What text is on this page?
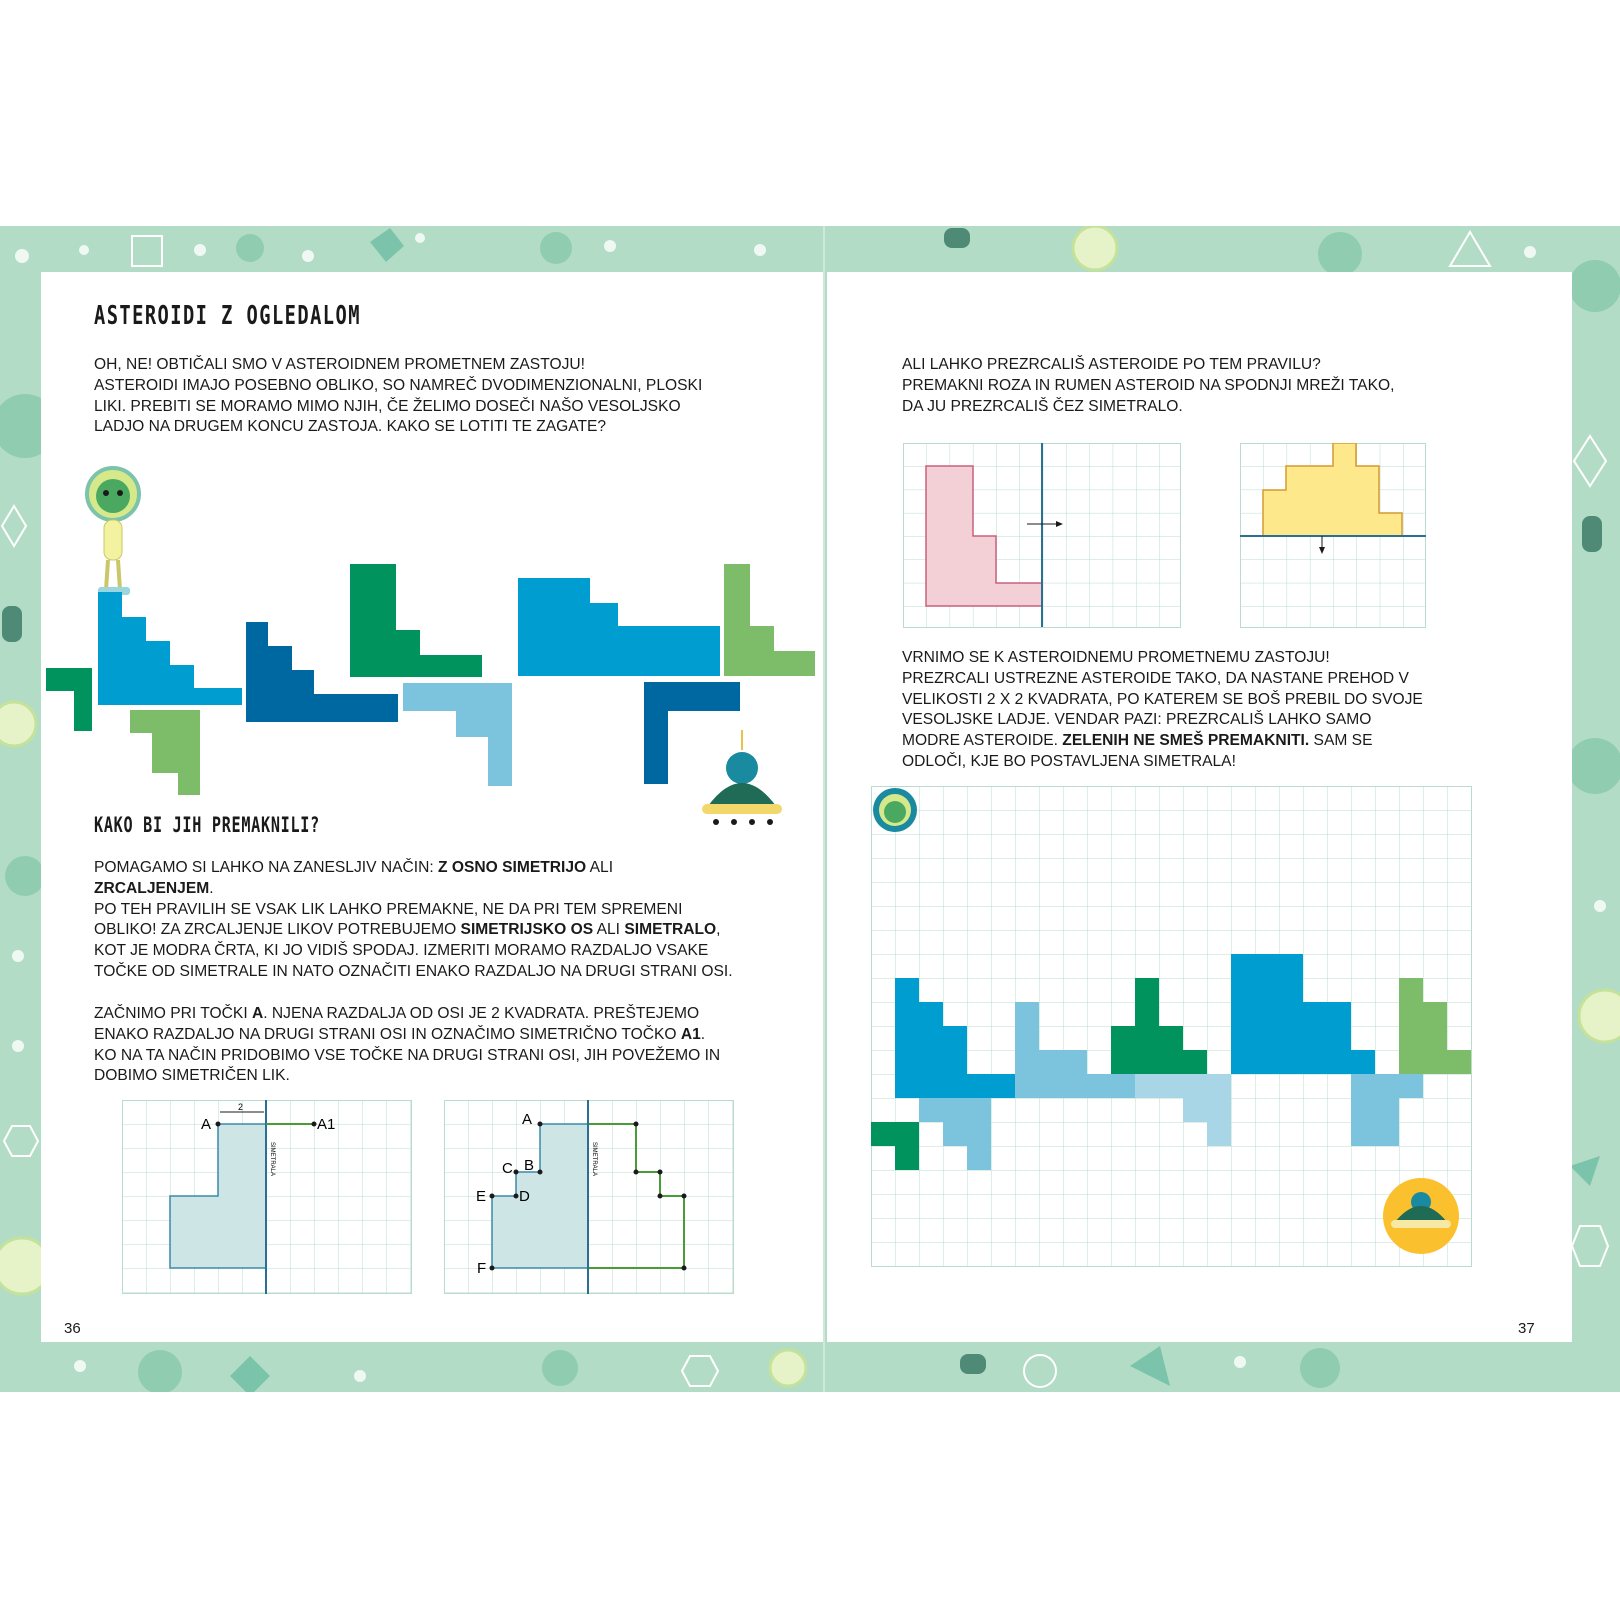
ASTEROIDI Z OGLEDALOM
OH, NE! OBTIČALI SMO V ASTEROIDNEM PROMETNEM ZASTOJU!
ASTEROIDI IMAJO POSEBNO OBLIKO, SO NAMREČ DVODIMENZIONALNI, PLOSKI
LIKI. PREBITI SE MORAMO MIMO NJIH, ČE ŽELIMO DOSEČI NAŠO VESOLJSKO
LADJO NA DRUGEM KONCU ZASTOJA. KAKO SE LOTITI TE ZAGATE?
KAKO BI JIH PREMAKNILI?
POMAGAMO SI LAHKO NA ZANESLJIV NAČIN: Z OSNO SIMETRIJO ALI
ZRCALJENJEM.
PO TEH PRAVILIH SE VSAK LIK LAHKO PREMAKNE, NE DA PRI TEM SPREMENI
OBLIKO! ZA ZRCALJENJE LIKOV POTREBUJEMO SIMETRIJSKO OS ALI SIMETRALO,
KOT JE MODRA ČRTA, KI JO VIDIŠ SPODAJ. IZMERITI MORAMO RAZDALJO VSAKE
TOČKE OD SIMETRALE IN NATO OZNAČITI ENAKO RAZDALJO NA DRUGI STRANI OSI.
ZAČNIMO PRI TOČKI A. NJENA RAZDALJA OD OSI JE 2 KVADRATA. PREŠTEJEMO
ENAKO RAZDALJO NA DRUGI STRANI OSI IN OZNAČIMO SIMETRIČNO TOČKO A1.
KO NA TA NAČIN PRIDOBIMO VSE TOČKE NA DRUGI STRANI OSI, JIH POVEŽEMO IN
DOBIMO SIMETRIČEN LIK.
2
A	A1
SIMETRALA
A
B
C
D
E
F
SIMETRALA
36
ALI LAHKO PREZRCALIŠ ASTEROIDE PO TEM PRAVILU?
PREMAKNI ROZA IN RUMEN ASTEROID NA SPODNJI MREŽI TAKO,
DA JU PREZRCALIŠ ČEZ SIMETRALO.
VRNIMO SE K ASTEROIDNEMU PROMETNEMU ZASTOJU!
PREZRCALI USTREZNE ASTEROIDE TAKO, DA NASTANE PREHOD V
VELIKOSTI 2 X 2 KVADRATA, PO KATEREM SE BOŠ PREBIL DO SVOJE
VESOLJSKE LADJE. VENDAR PAZI: PREZRCALIŠ LAHKO SAMO
MODRE ASTEROIDE. ZELENIH NE SMEŠ PREMAKNITI. SAM SE
ODLOČI, KJE BO POSTAVLJENA SIMETRALA!
37
